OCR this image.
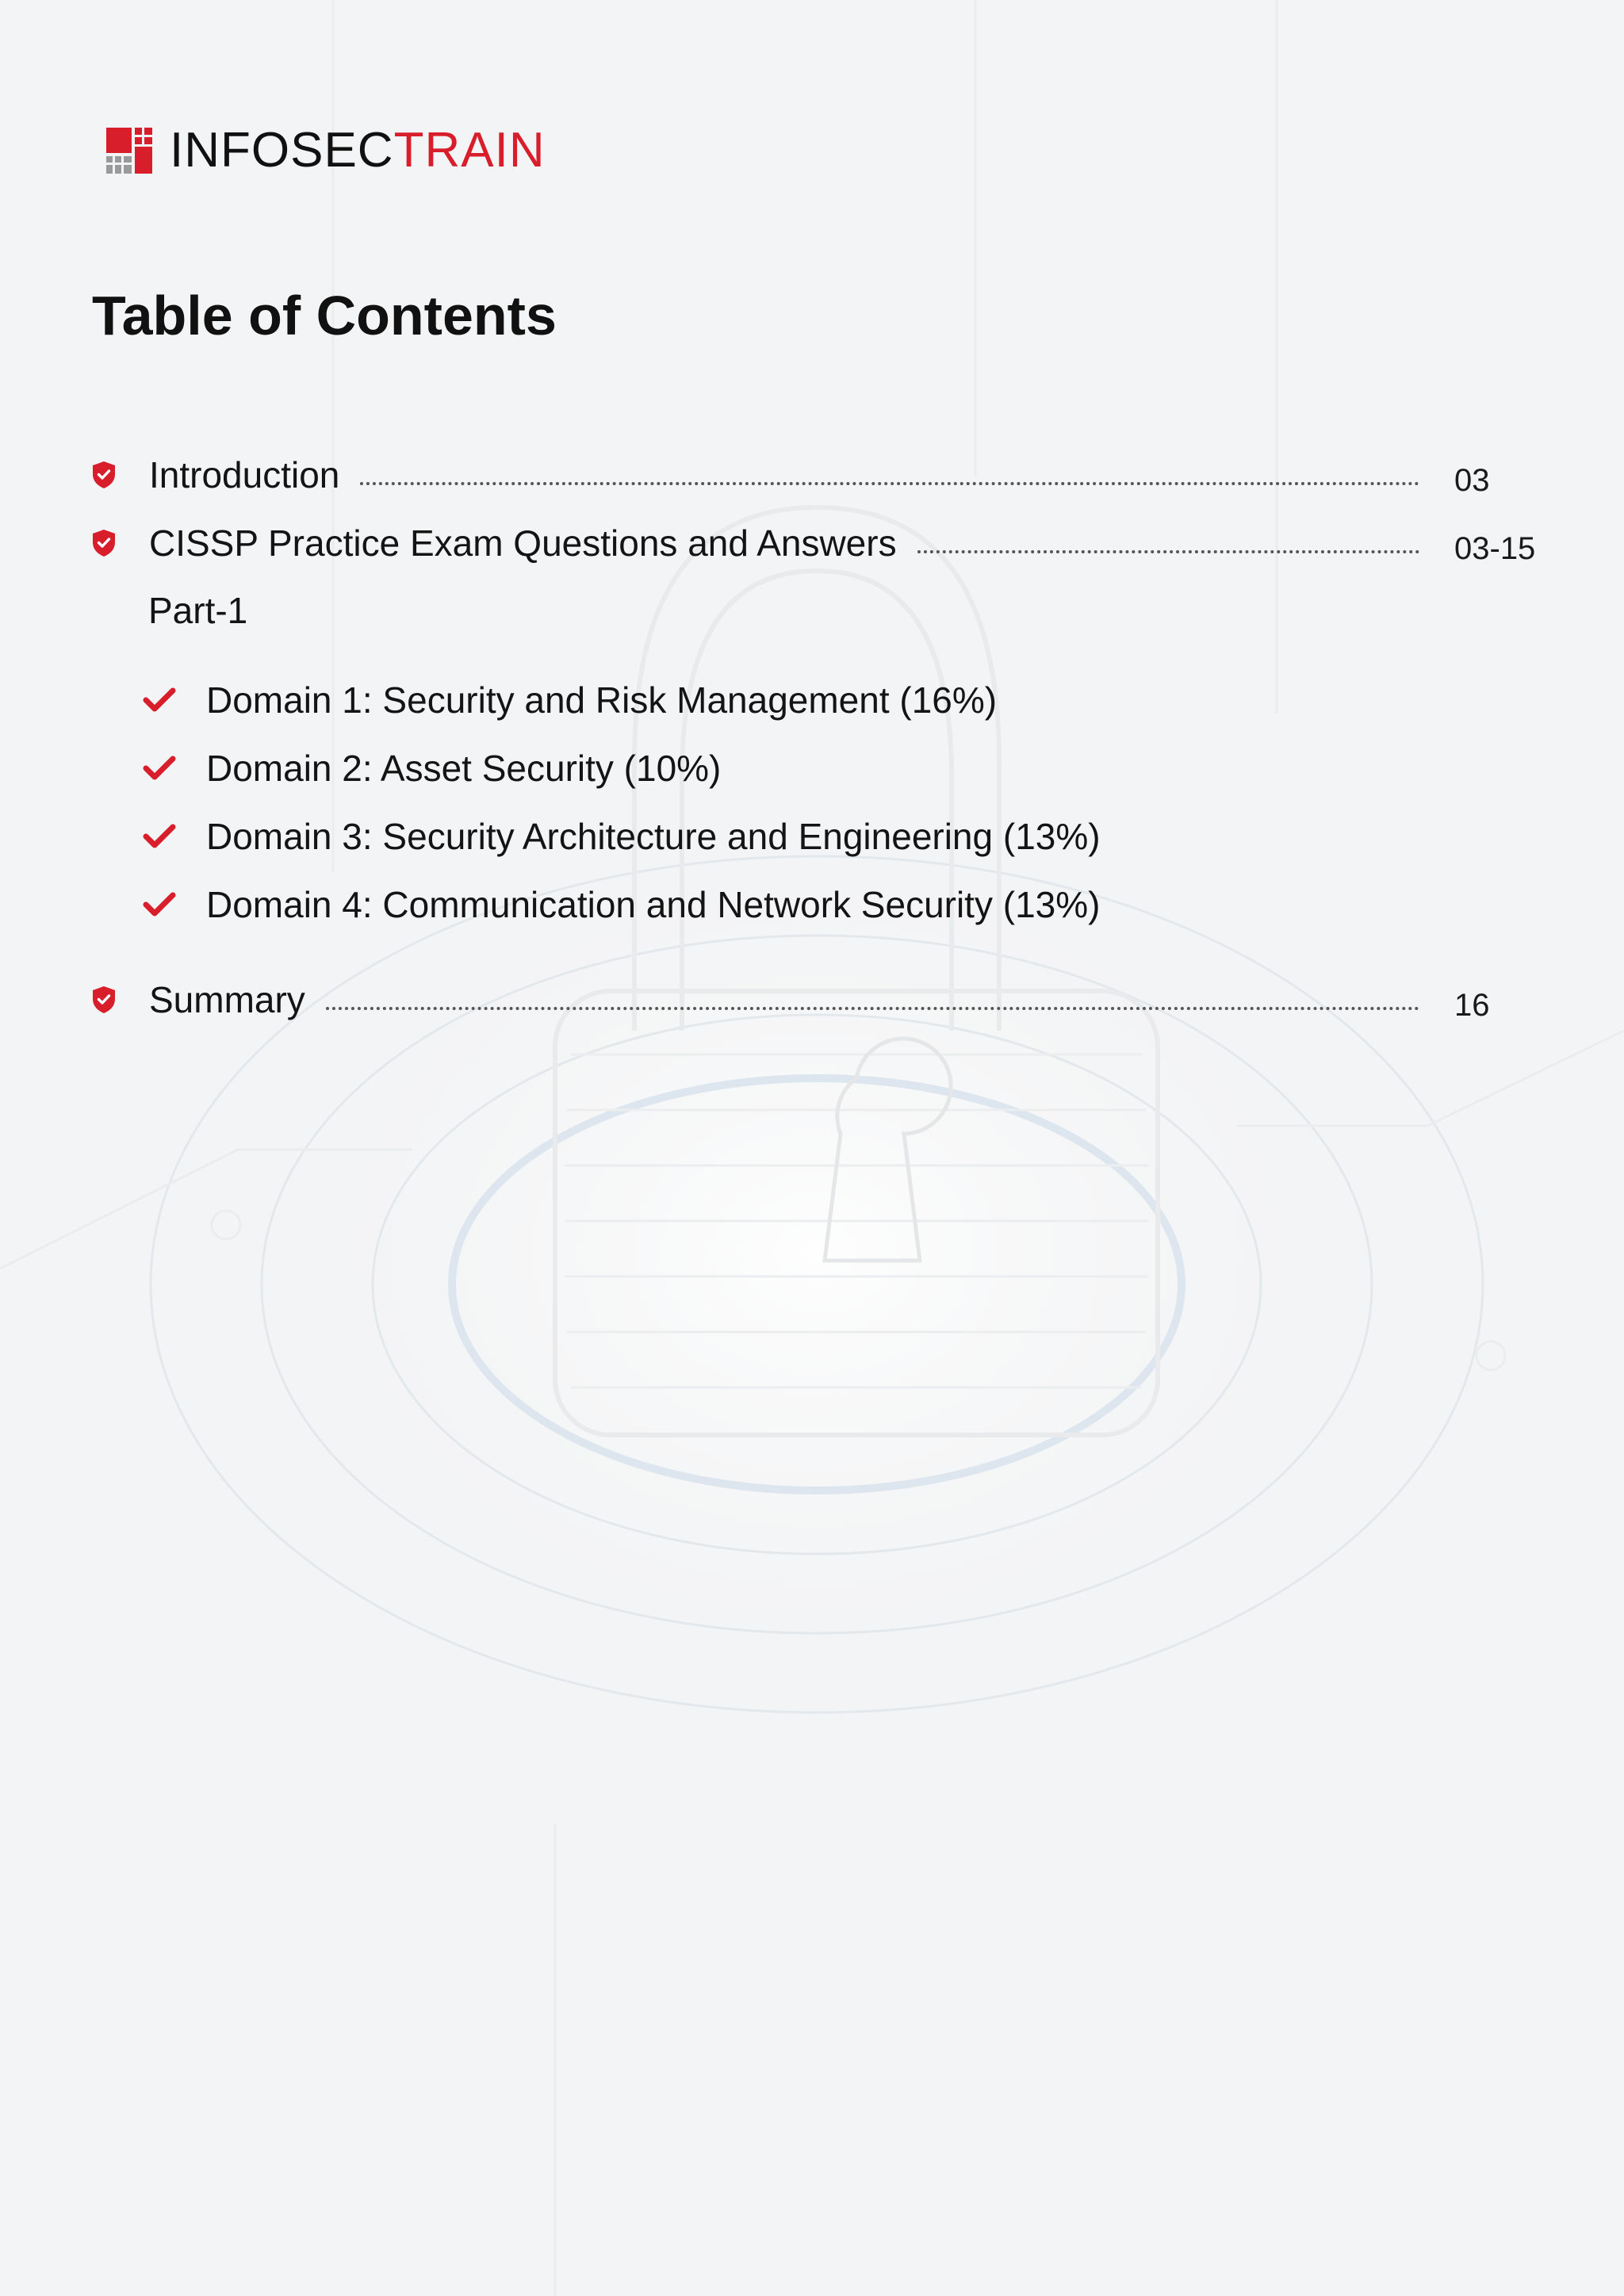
INFOSECTRAIN
Table of Contents
Introduction	03
CISSP Practice Exam Questions and Answers	03-15
Part-1
Domain 1: Security and Risk Management (16%)
Domain 2: Asset Security (10%)
Domain 3: Security Architecture and Engineering (13%)
Domain 4: Communication and Network Security (13%)
Summary	16
